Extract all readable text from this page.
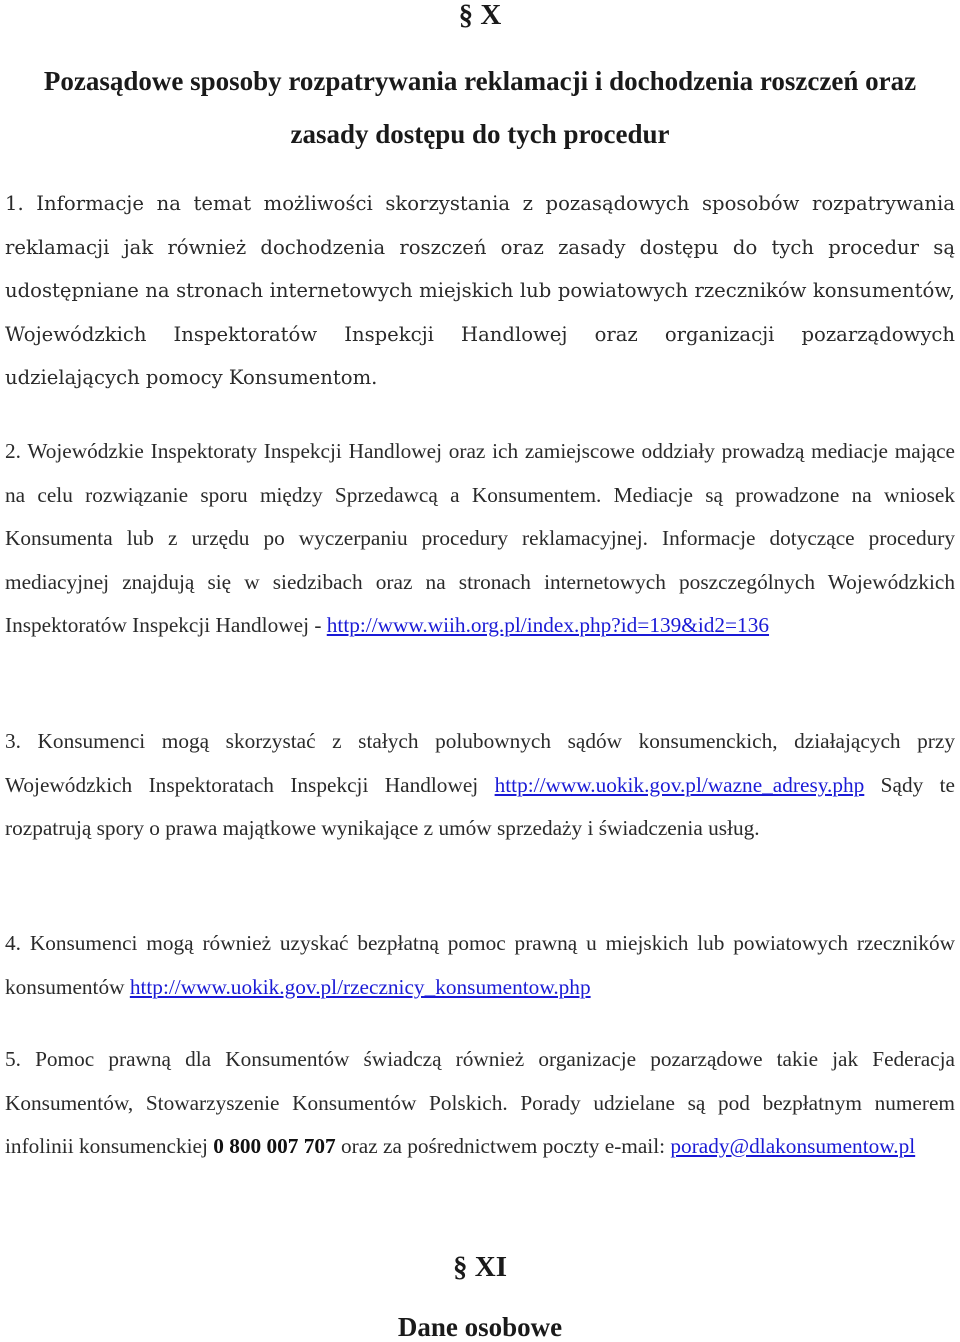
§ X
Pozasądowe sposoby rozpatrywania reklamacji i dochodzenia roszczeń oraz zasady dostępu do tych procedur
1. Informacje na temat możliwości skorzystania z pozasądowych sposobów rozpatrywania reklamacji jak również dochodzenia roszczeń oraz zasady dostępu do tych procedur są udostępniane na stronach internetowych miejskich lub powiatowych rzeczników konsumentów, Wojewódzkich Inspektoratów Inspekcji Handlowej oraz organizacji pozarządowych udzielających pomocy Konsumentom.
2. Wojewódzkie Inspektoraty Inspekcji Handlowej oraz ich zamiejscowe oddziały prowadzą mediacje mające na celu rozwiązanie sporu między Sprzedawcą a Konsumentem. Mediacje są prowadzone na wniosek Konsumenta lub z urzędu po wyczerpaniu procedury reklamacyjnej. Informacje dotyczące procedury mediacyjnej znajdują się w siedzibach oraz na stronach internetowych poszczególnych Wojewódzkich Inspektoratów Inspekcji Handlowej - http://www.wiih.org.pl/index.php?id=139&id2=136
3. Konsumenci mogą skorzystać z stałych polubownych sądów konsumenckich, działających przy Wojewódzkich Inspektoratach Inspekcji Handlowej http://www.uokik.gov.pl/wazne_adresy.php Sądy te rozpatrują spory o prawa majątkowe wynikające z umów sprzedaży i świadczenia usług.
4. Konsumenci mogą również uzyskać bezpłatną pomoc prawną u miejskich lub powiatowych rzeczników konsumentów http://www.uokik.gov.pl/rzecznicy_konsumentow.php
5. Pomoc prawną dla Konsumentów świadczą również organizacje pozarządowe takie jak Federacja Konsumentów, Stowarzyszenie Konsumentów Polskich. Porady udzielane są pod bezpłatnym numerem infolinii konsumenckiej 0 800 007 707 oraz za pośrednictwem poczty e-mail: porady@dlakonsumentow.pl
§ XI
Dane osobowe
